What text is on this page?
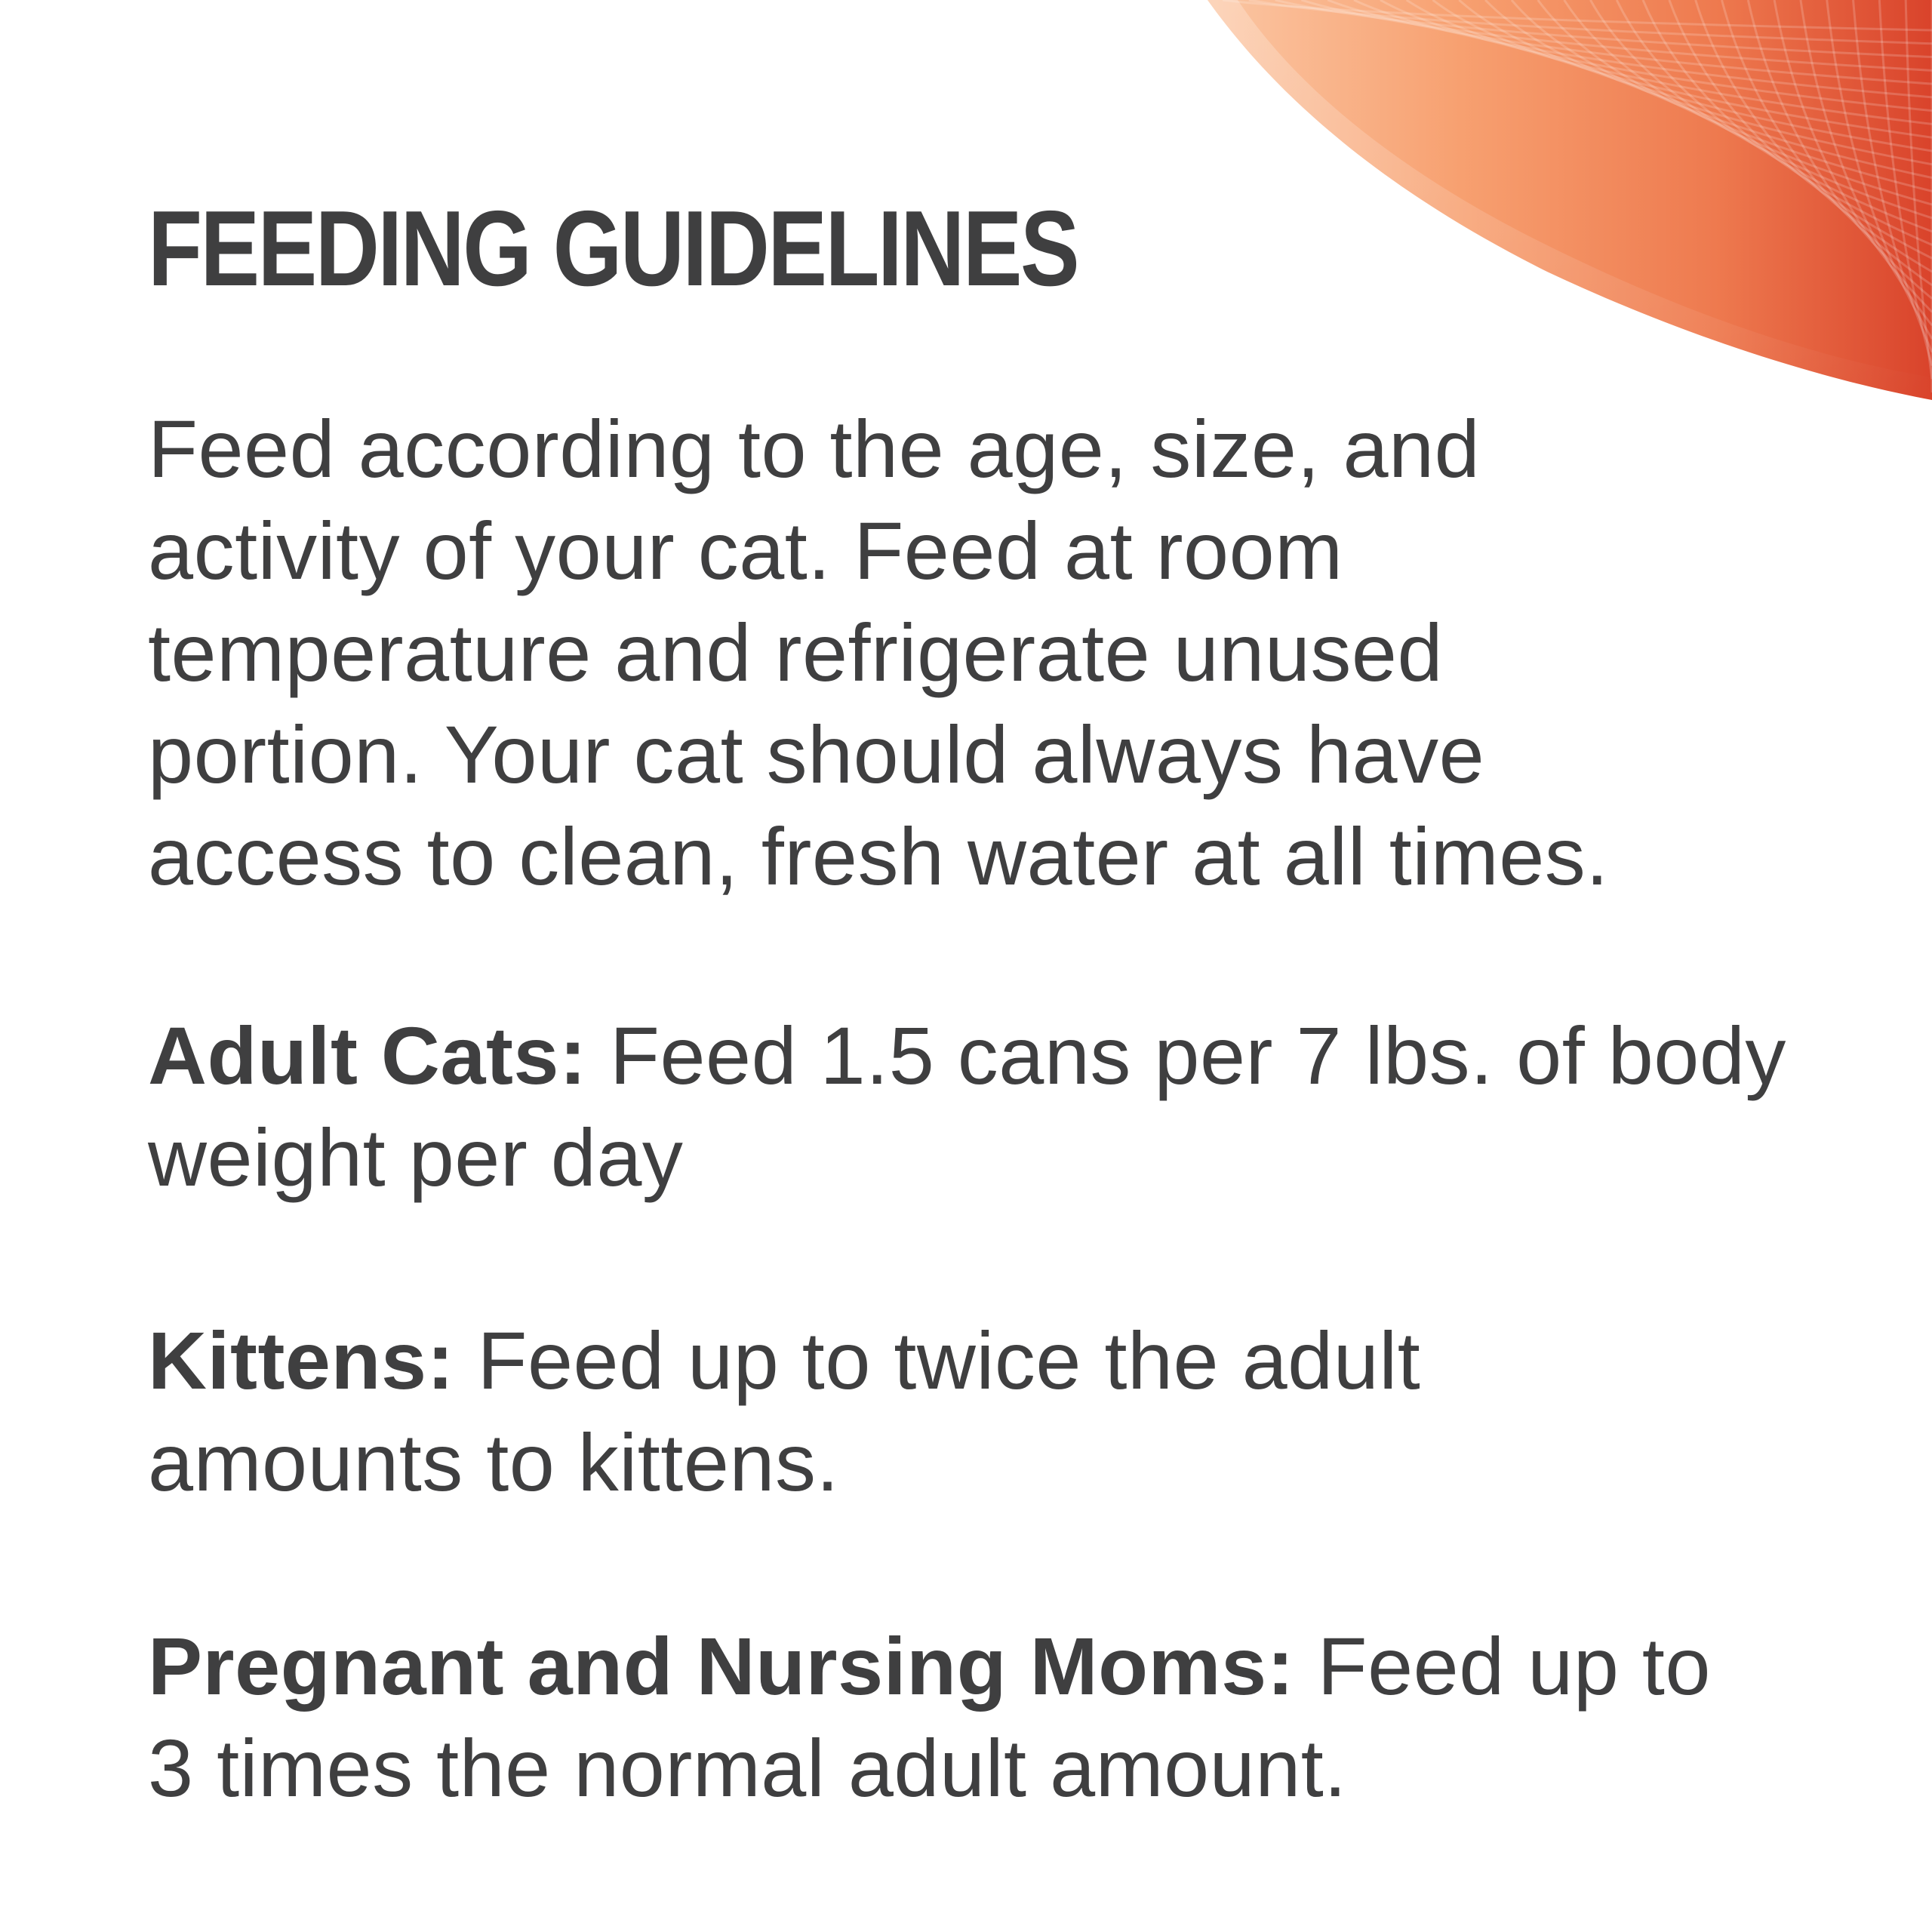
FEEDING GUIDELINES

Feed according to the age, size, and
activity of your cat. Feed at room
temperature and refrigerate unused
portion. Your cat should always have
access to clean, fresh water at all times.

Adult Cats: Feed 1.5 cans per 7 lbs. of body
weight per day

Kittens: Feed up to twice the adult
amounts to kittens.

Pregnant and Nursing Moms: Feed up to
3 times the normal adult amount.
